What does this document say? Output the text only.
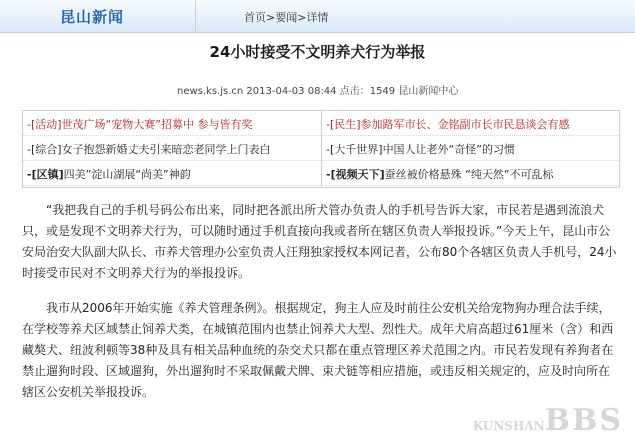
昆山新闻	首页>要闻>详情
24小时接受不文明养犬行为举报
news.ks.js.cn 2013-04-03 08:44 点击：1549 昆山新闻中心
-[活动]世茂广场“宠物大赛”招募中 参与皆有奖	-[民生]参加路军市长、金铭副市长市民恳谈会有感
-[综合]女子抱怨新婚丈夫引来暗恋老同学上门表白	-[大千世界]中国人让老外“奇怪”的习惯
-[区镇]四美”淀山湖展“尚美”神韵	-[视频天下]蚕丝被价格悬殊 “纯天然”不可乱标

“我把我自己的手机号码公布出来，同时把各派出所犬管办负责人的手机号告诉大家，市民若是遇到流浪犬只，或是发现不文明养犬行为，可以随时通过手机直接向我或者所在辖区负责人举报投诉。”今天上午，昆山市公安局治安大队副大队长、市养犬管理办公室负责人汪翔独家授权本网记者，公布80个各辖区负责人手机号，24小时接受市民对不文明养犬行为的举报投诉。

我市从2006年开始实施《养犬管理条例》。根据规定，狗主人应及时前往公安机关给宠物狗办理合法手续，在学校等养犬区域禁止饲养犬类，在城镇范围内也禁止饲养犬大型、烈性犬。成年犬肩高超过61厘米（含）和西藏獒犬、纽波利顿等38种及具有相关品种血统的杂交犬只都在重点管理区养犬范围之内。市民若发现有养狗者在禁止遛狗时段、区域遛狗，外出遛狗时不采取佩戴犬牌、束犬链等相应措施，或违反相关规定的，应及时向所在辖区公安机关举报投诉。

KUNSHANBBS
